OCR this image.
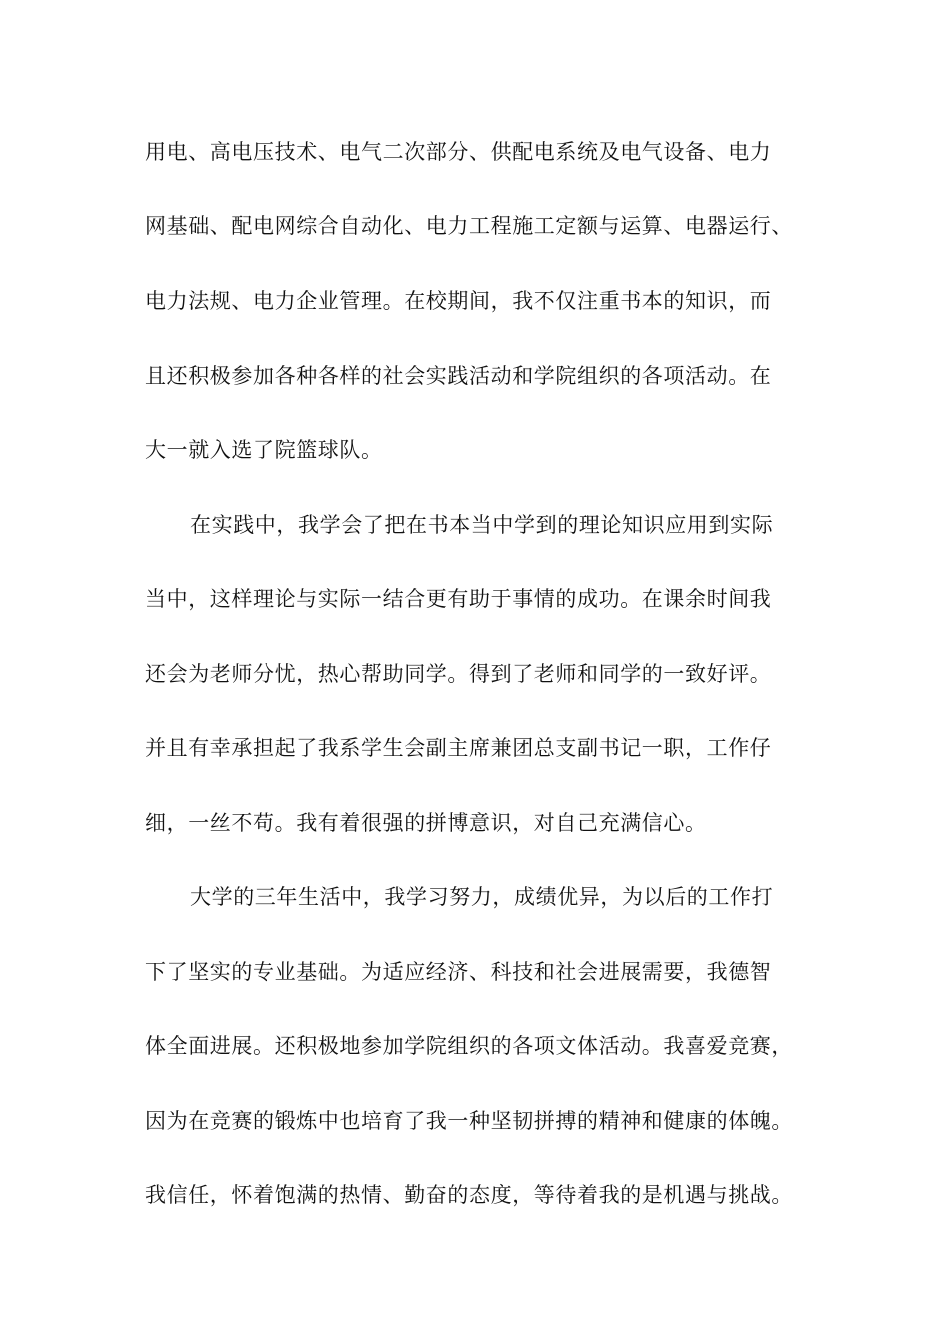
用电、高电压技术、电气二次部分、供配电系统及电气设备、电力
网基础、配电网综合自动化、电力工程施工定额与运算、电器运行、
电力法规、电力企业管理。在校期间，我不仅注重书本的知识，而
且还积极参加各种各样的社会实践活动和学院组织的各项活动。在
大一就入选了院篮球队。
在实践中，我学会了把在书本当中学到的理论知识应用到实际
当中，这样理论与实际一结合更有助于事情的成功。在课余时间我
还会为老师分忧，热心帮助同学。得到了老师和同学的一致好评。
并且有幸承担起了我系学生会副主席兼团总支副书记一职，工作仔
细，一丝不苟。我有着很强的拼博意识，对自己充满信心。
大学的三年生活中，我学习努力，成绩优异，为以后的工作打
下了坚实的专业基础。为适应经济、科技和社会进展需要，我德智
体全面进展。还积极地参加学院组织的各项文体活动。我喜爱竞赛，
因为在竞赛的锻炼中也培育了我一种坚韧拼搏的精神和健康的体魄。
我信任，怀着饱满的热情、勤奋的态度，等待着我的是机遇与挑战。
